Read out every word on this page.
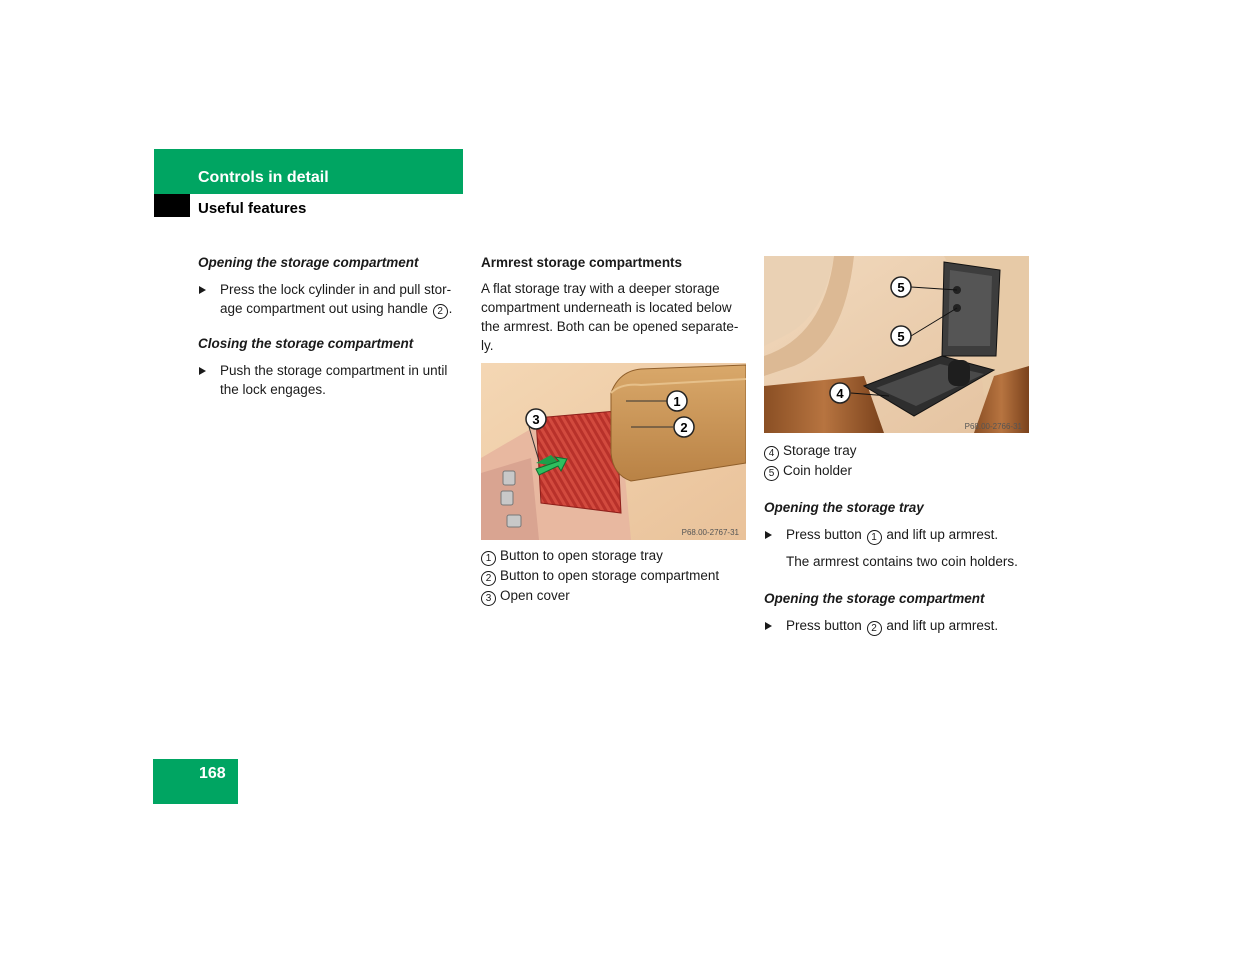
Controls in detail
Useful features

Opening the storage compartment

Press the lock cylinder in and pull stor-
age compartment out using handle 2 .

Closing the storage compartment

Push the storage compartment in until
the lock engages.

Armrest storage compartments

A flat storage tray with a deeper storage
compartment underneath is located below
the armrest. Both can be opened separate-
ly.

1
2
3
P68.00-2767-31

1 Button to open storage tray

2 Button to open storage compartment

3 Open cover

5
5
4
P68.00-2766-31

4 Storage tray

5 Coin holder

Opening the storage tray

Press button 1 and lift up armrest.

The armrest contains two coin holders.

Opening the storage compartment

Press button 2 and lift up armrest.
168
